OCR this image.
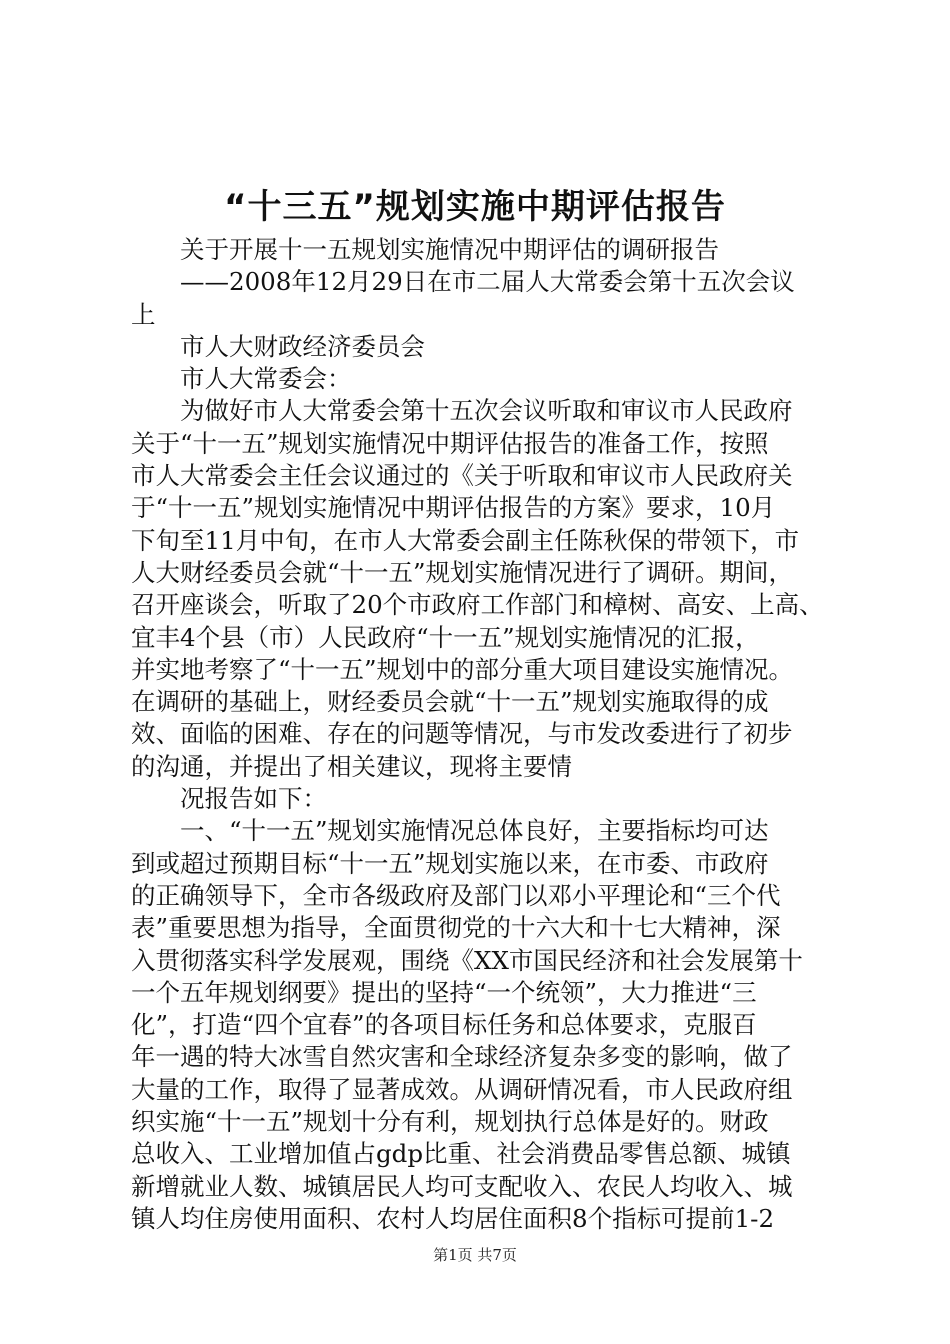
“十三五”规划实施中期评估报告
关于开展十一五规划实施情况中期评估的调研报告
——2008年12月29日在市二届人大常委会第十五次会议
上
市人大财政经济委员会
市人大常委会：
为做好市人大常委会第十五次会议听取和审议市人民政府
关于“十一五”规划实施情况中期评估报告的准备工作，按照
市人大常委会主任会议通过的《关于听取和审议市人民政府关
于“十一五”规划实施情况中期评估报告的方案》要求，10月
下旬至11月中旬，在市人大常委会副主任陈秋保的带领下，市
人大财经委员会就“十一五”规划实施情况进行了调研。期间，
召开座谈会，听取了20个市政府工作部门和樟树、高安、上高、
宜丰4个县（市）人民政府“十一五”规划实施情况的汇报，
并实地考察了“十一五”规划中的部分重大项目建设实施情况。
在调研的基础上，财经委员会就“十一五”规划实施取得的成
效、面临的困难、存在的问题等情况，与市发改委进行了初步
的沟通，并提出了相关建议，现将主要情
况报告如下：
一、“十一五”规划实施情况总体良好，主要指标均可达
到或超过预期目标“十一五”规划实施以来，在市委、市政府
的正确领导下，全市各级政府及部门以邓小平理论和“三个代
表”重要思想为指导，全面贯彻党的十六大和十七大精神，深
入贯彻落实科学发展观，围绕《XX市国民经济和社会发展第十
一个五年规划纲要》提出的坚持“一个统领”，大力推进“三
化”，打造“四个宜春”的各项目标任务和总体要求，克服百
年一遇的特大冰雪自然灾害和全球经济复杂多变的影响，做了
大量的工作，取得了显著成效。从调研情况看，市人民政府组
织实施“十一五”规划十分有利，规划执行总体是好的。财政
总收入、工业增加值占gdp比重、社会消费品零售总额、城镇
新增就业人数、城镇居民人均可支配收入、农民人均收入、城
镇人均住房使用面积、农村人均居住面积8个指标可提前1-2
第1页 共7页
